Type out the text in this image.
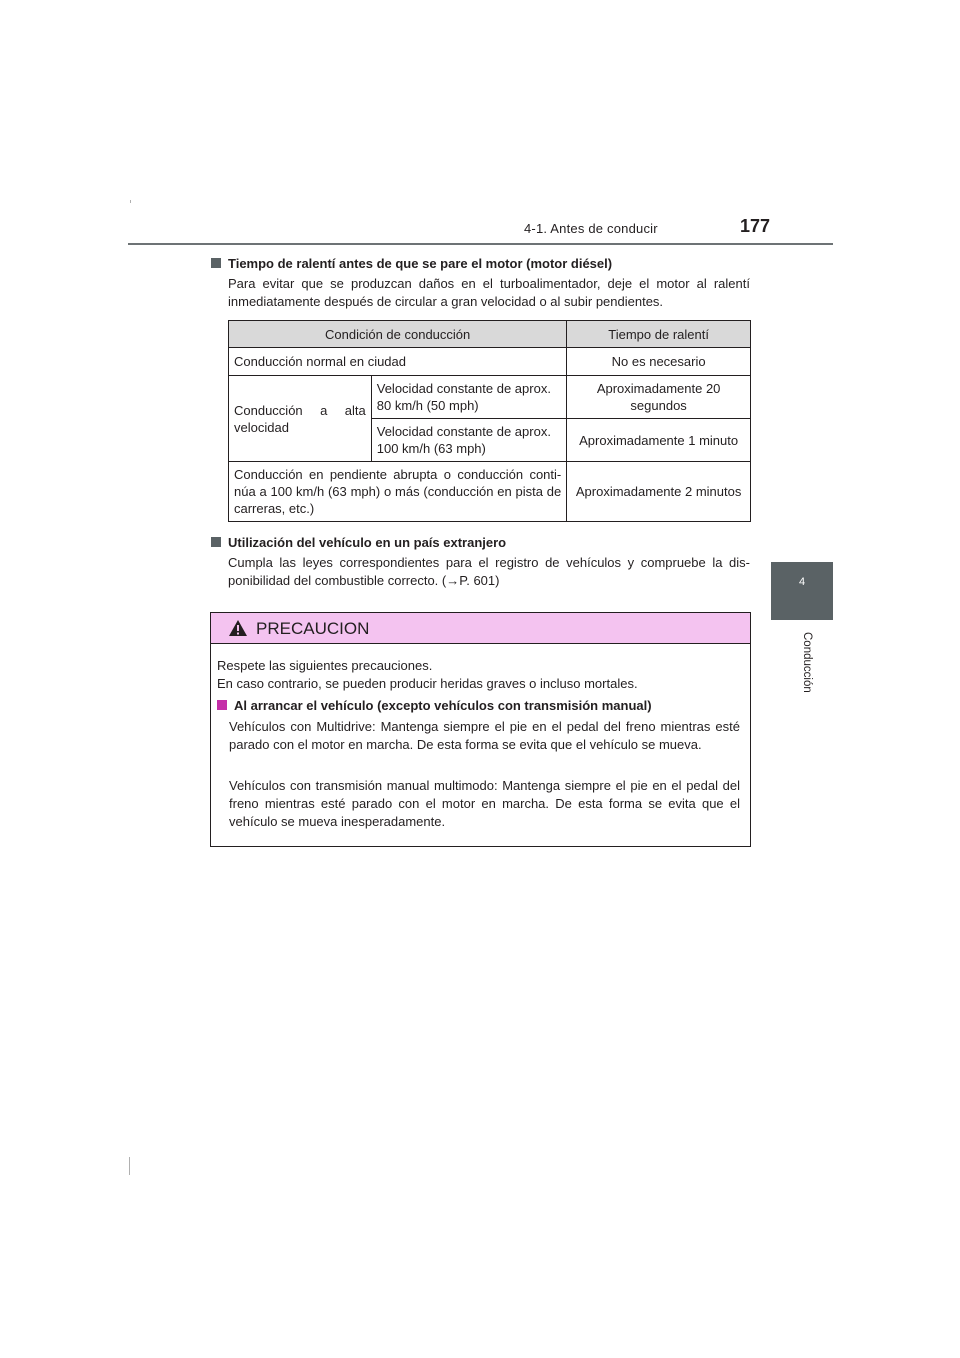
4-1. Antes de conducir	177
4
Conducción
Tiempo de ralentí antes de que se pare el motor (motor diésel)
Para evitar que se produzcan daños en el turboalimentador, deje el motor al ralentí inmediatamente después de circular a gran velocidad o al subir pendientes.
Condición de conducción		Tiempo de ralentí
Conducción normal en ciudad		No es necesario
Conducción a alta velocidad	Velocidad constante de aprox. 80 km/h (50 mph)	Aproximadamente 20 segundos
	Velocidad constante de aprox. 100 km/h (63 mph)	Aproximadamente 1 minuto
Conducción en pendiente abrupta o conducción conti-núa a 100 km/h (63 mph) o más (conducción en pista de carreras, etc.)		Aproximadamente 2 minutos
Utilización del vehículo en un país extranjero
Cumpla las leyes correspondientes para el registro de vehículos y compruebe la dis-ponibilidad del combustible correcto. (→P. 601)
PRECAUCION
Respete las siguientes precauciones.
En caso contrario, se pueden producir heridas graves o incluso mortales.
Al arrancar el vehículo (excepto vehículos con transmisión manual)
Vehículos con Multidrive: Mantenga siempre el pie en el pedal del freno mientras esté parado con el motor en marcha. De esta forma se evita que el vehículo se mueva.
Vehículos con transmisión manual multimodo: Mantenga siempre el pie en el pedal del freno mientras esté parado con el motor en marcha. De esta forma se evita que el vehículo se mueva inesperadamente.
